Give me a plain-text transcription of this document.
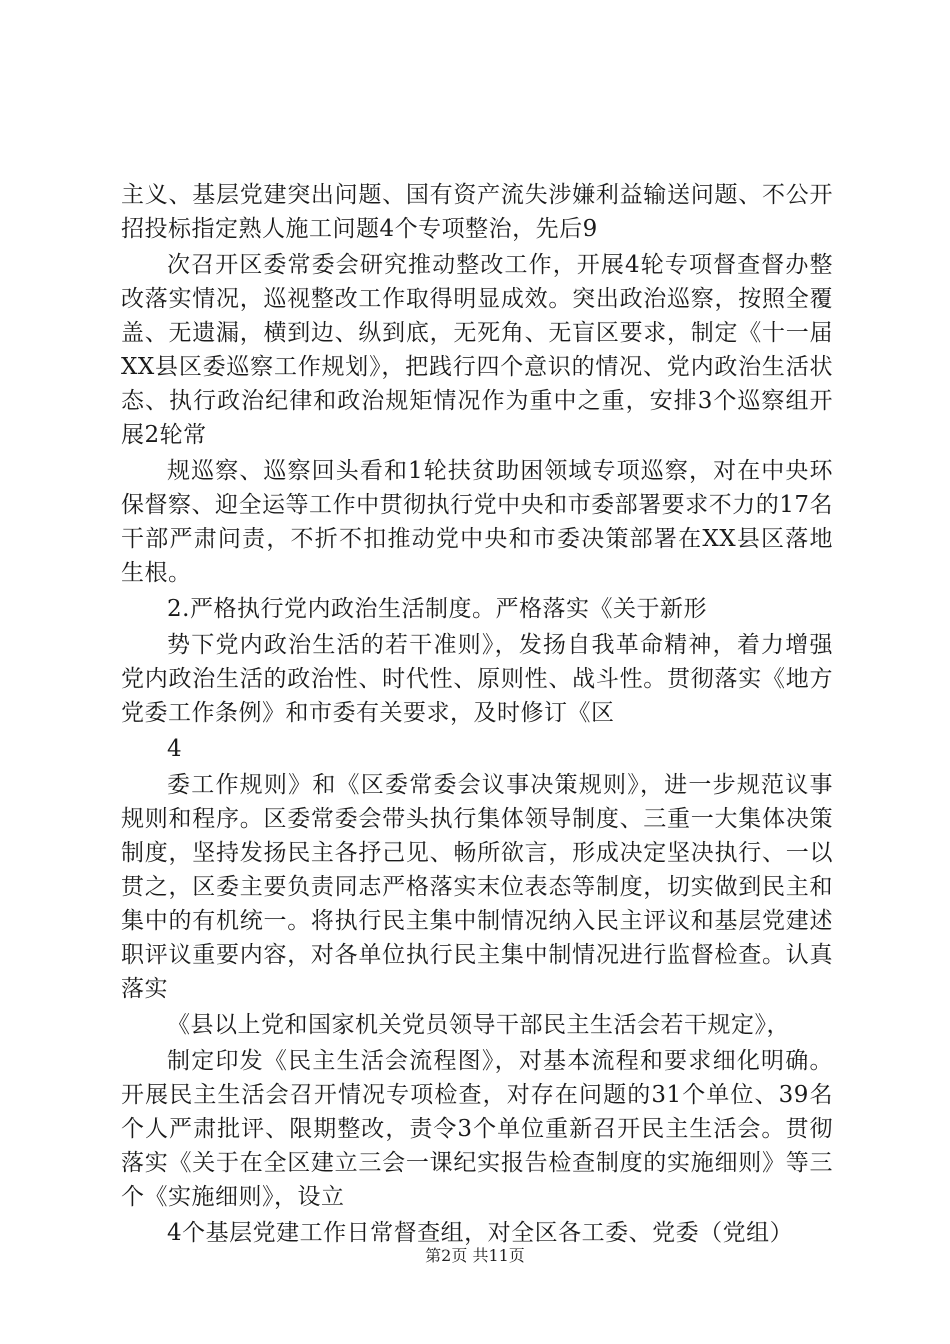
主义、基层党建突出问题、国有资产流失涉嫌利益输送问题、不公开招投标指定熟人施工问题4个专项整治，先后9

次召开区委常委会研究推动整改工作，开展4轮专项督查督办整改落实情况，巡视整改工作取得明显成效。突出政治巡察，按照全覆盖、无遗漏，横到边、纵到底，无死角、无盲区要求，制定《十一届XX县区委巡察工作规划》，把践行四个意识的情况、党内政治生活状态、执行政治纪律和政治规矩情况作为重中之重，安排3个巡察组开展2轮常

规巡察、巡察回头看和1轮扶贫助困领域专项巡察，对在中央环保督察、迎全运等工作中贯彻执行党中央和市委部署要求不力的17名干部严肃问责，不折不扣推动党中央和市委决策部署在XX县区落地生根。

2.严格执行党内政治生活制度。严格落实《关于新形

势下党内政治生活的若干准则》，发扬自我革命精神，着力增强党内政治生活的政治性、时代性、原则性、战斗性。贯彻落实《地方党委工作条例》和市委有关要求，及时修订《区

4

委工作规则》和《区委常委会议事决策规则》，进一步规范议事规则和程序。区委常委会带头执行集体领导制度、三重一大集体决策制度，坚持发扬民主各抒己见、畅所欲言，形成决定坚决执行、一以贯之，区委主要负责同志严格落实末位表态等制度，切实做到民主和集中的有机统一。将执行民主集中制情况纳入民主评议和基层党建述职评议重要内容，对各单位执行民主集中制情况进行监督检查。认真落实

《县以上党和国家机关党员领导干部民主生活会若干规定》，

制定印发《民主生活会流程图》，对基本流程和要求细化明确。开展民主生活会召开情况专项检查，对存在问题的31个单位、39名个人严肃批评、限期整改，责令3个单位重新召开民主生活会。贯彻落实《关于在全区建立三会一课纪实报告检查制度的实施细则》等三个《实施细则》，设立

4个基层党建工作日常督查组，对全区各工委、党委（党组）

第2页 共11页
